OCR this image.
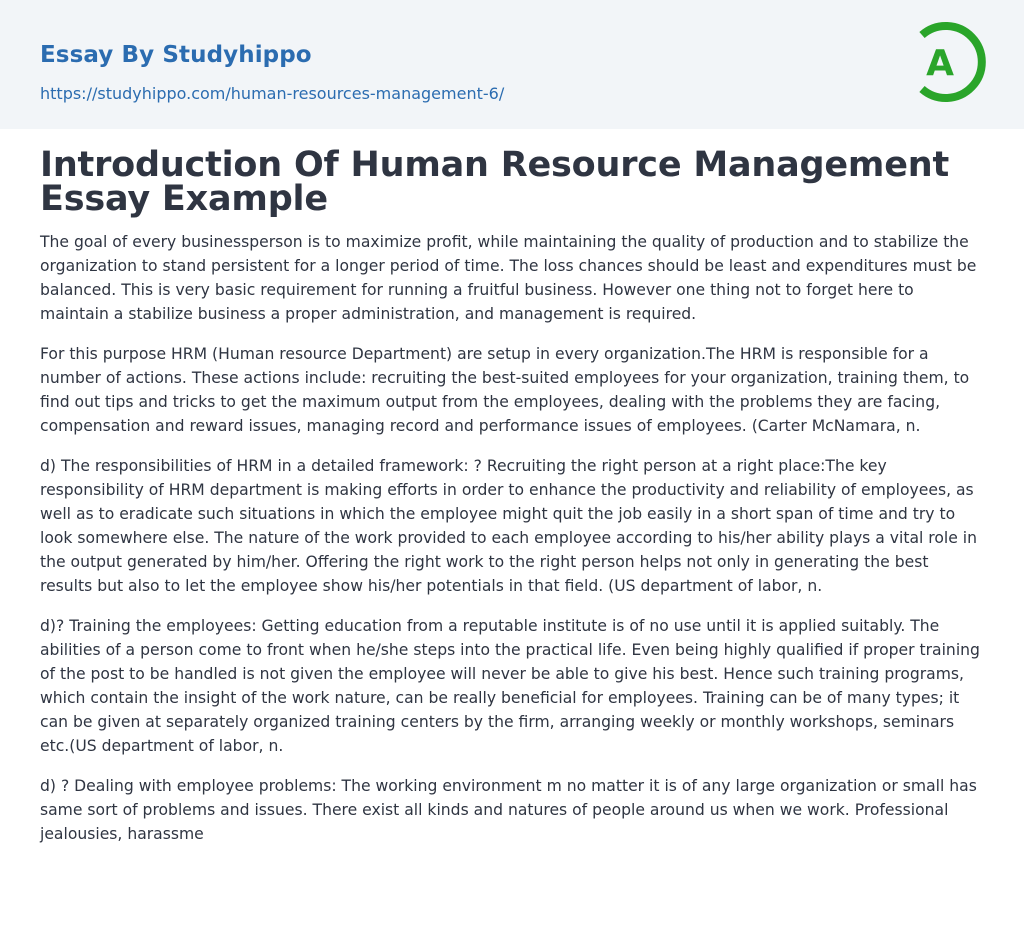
Essay By Studyhippo
https://studyhippo.com/human-resources-management-6/
A
Introduction Of Human Resource Management Essay Example

The goal of every businessperson is to maximize profit, while maintaining the quality of production and to stabilize the organization to stand persistent for a longer period of time. The loss chances should be least and expenditures must be balanced. This is very basic requirement for running a fruitful business. However one thing not to forget here to maintain a stabilize business a proper administration, and management is required.

For this purpose HRM (Human resource Department) are setup in every organization.The HRM is responsible for a number of actions. These actions include: recruiting the best-suited employees for your organization, training them, to find out tips and tricks to get the maximum output from the employees, dealing with the problems they are facing, compensation and reward issues, managing record and performance issues of employees. (Carter McNamara, n.

d) The responsibilities of HRM in a detailed framework: ? Recruiting the right person at a right place:The key responsibility of HRM department is making efforts in order to enhance the productivity and reliability of employees, as well as to eradicate such situations in which the employee might quit the job easily in a short span of time and try to look somewhere else. The nature of the work provided to each employee according to his/her ability plays a vital role in the output generated by him/her. Offering the right work to the right person helps not only in generating the best results but also to let the employee show his/her potentials in that field. (US department of labor, n.

d)? Training the employees: Getting education from a reputable institute is of no use until it is applied suitably. The abilities of a person come to front when he/she steps into the practical life. Even being highly qualified if proper training of the post to be handled is not given the employee will never be able to give his best. Hence such training programs, which contain the insight of the work nature, can be really beneficial for employees. Training can be of many types; it can be given at separately organized training centers by the firm, arranging weekly or monthly workshops, seminars etc.(US department of labor, n.

d) ? Dealing with employee problems: The working environment m no matter it is of any large organization or small has same sort of problems and issues. There exist all kinds and natures of people around us when we work. Professional jealousies, harassme
